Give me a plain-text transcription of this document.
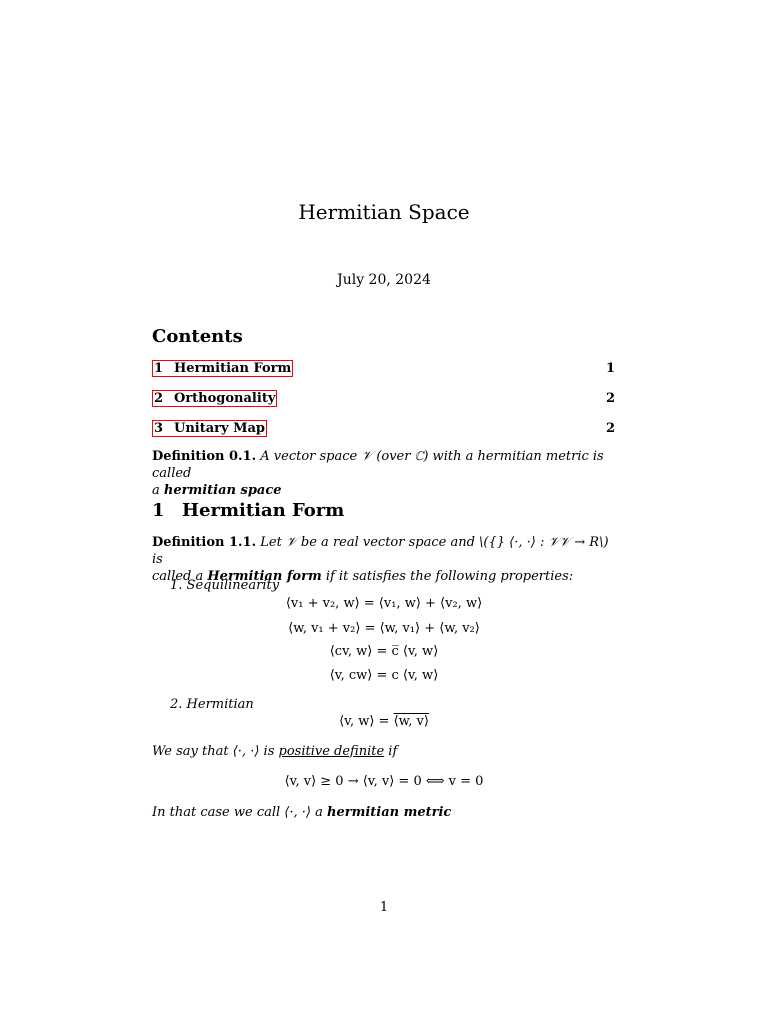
Hermitian Space
July 20, 2024
Contents
1 Hermitian Form	1
2 Orthogonality	2
3 Unitary Map	2
Definition 0.1. A vector space 𝒱 (over ℂ) with a hermitian metric is called
a hermitian space
1 Hermitian Form
Definition 1.1. Let 𝒱 be a real vector space and \({} ⟨·, ·⟩ : 𝒱𝒱 → R\) is
called a Hermitian form if it satisfies the following properties:
1. Sequilinearity
⟨v₁ + v₂, w⟩ = ⟨v₁, w⟩ + ⟨v₂, w⟩
⟨w, v₁ + v₂⟩ = ⟨w, v₁⟩ + ⟨w, v₂⟩
⟨cv, w⟩ = c̅ ⟨v, w⟩
⟨v, cw⟩ = c ⟨v, w⟩
2. Hermitian
⟨v, w⟩ = ⟨w, v⟩
We say that ⟨·, ·⟩ is positive definite if
⟨v, v⟩ ≥ 0 → ⟨v, v⟩ = 0 ⟺ v = 0
In that case we call ⟨·, ·⟩ a hermitian metric
1
